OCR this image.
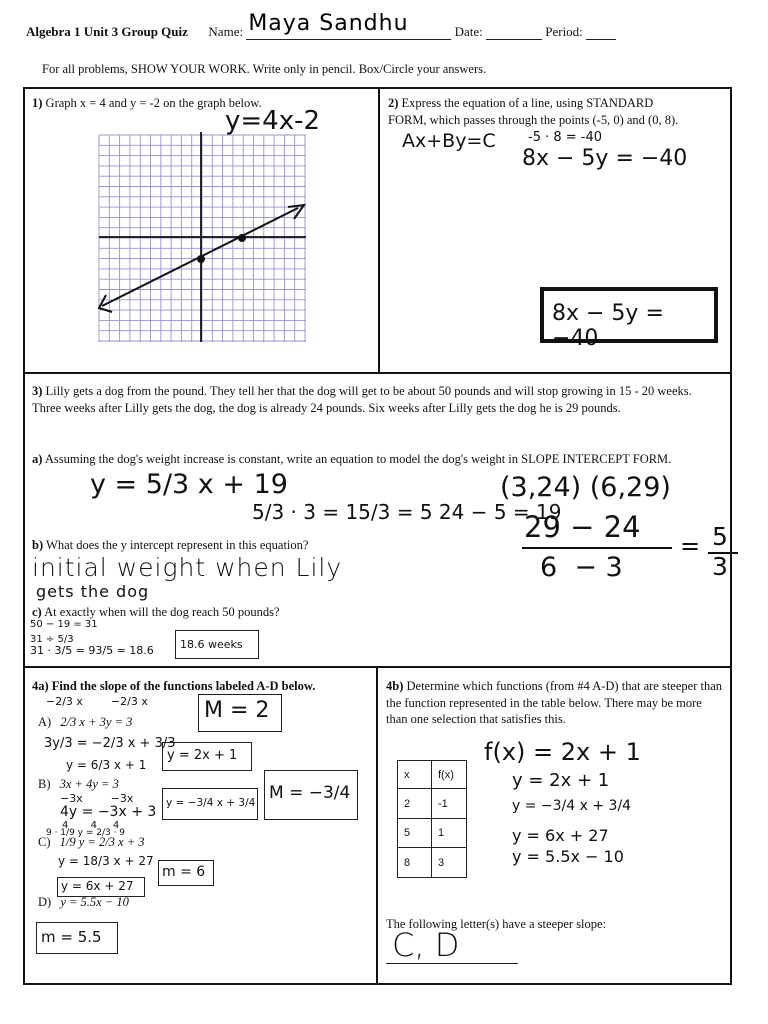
Algebra 1 Unit 3 Group Quiz Name: Maya Sandhu	Date:	Period:
For all problems, SHOW YOUR WORK. Write only in pencil. Box/Circle your answers.
1) Graph x = 4 and y = -2 on the graph below.
y=4x-2
2) Express the equation of a line, using STANDARD
FORM, which passes through the points (-5, 0) and (0, 8).
Ax+By=C -5 · 8 = -40
8x − 5y = −40
8x − 5y = −40
3) Lilly gets a dog from the pound. They tell her that the dog will get to be about 50 pounds and will stop growing in 15 - 20 weeks. Three weeks after Lilly gets the dog, the dog is already 24 pounds. Six weeks after Lilly gets the dog he is 29 pounds.
a) Assuming the dog's weight increase is constant, write an equation to model the dog's weight in SLOPE INTERCEPT FORM.
y = 5/3 x + 19
5/3 · 3 = 15/3 = 5 24 − 5 = 19
(3,24) (6,29)
29 − 24
6  − 3
= 5
3
b) What does the y intercept represent in this equation?
initial weight when Lily
gets the dog
c) At exactly when will the dog reach 50 pounds?
50 − 19 = 31
31 ÷ 5/3
31 · 3/5 = 93/5 = 18.6 18.6 weeks
4a) Find the slope of the functions labeled A-D below.
−2/3 x        −2/3 x
A) 2/3 x + 3y = 3	M = 2
3y/3 = −2/3 x + 3/3
y = 6/3 x + 1
y = 2x + 1
B) 3x + 4y = 3
−3x        −3x
4y = −3x + 3
4       4     4
y = −3/4 x + 3/4 M = −3/4
C) 1/9 y = 2/3 x + 3
9 · 1/9 y = 2/3 · 9
y = 18/3 x + 27
m = 6
y = 6x + 27
D) y = 5.5x − 10
m = 5.5
4b) Determine which functions (from #4 A-D) that are steeper than the function represented in the table below. There may be more than one selection that satisfies this.
x	f(x)
2	-1
5	1
8	3
f(x) = 2x + 1
y = 2x + 1
y = −3/4 x + 3/4
y = 6x + 27
y = 5.5x − 10
The following letter(s) have a steeper slope:
C, D
